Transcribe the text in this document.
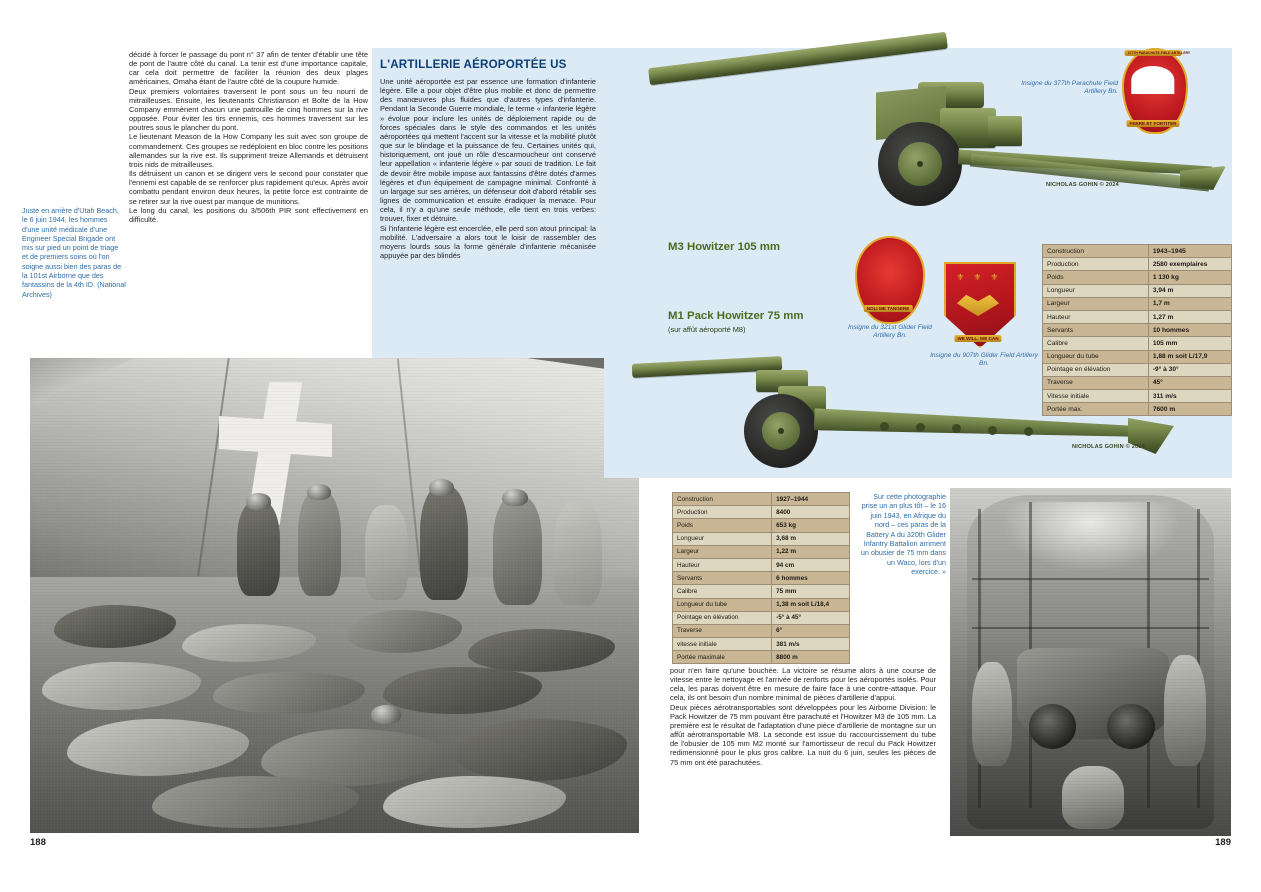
Juste en arrière d'Utah Beach, le 6 juin 1944, les hommes d'une unité médicale d'une Engineer Special Brigade ont mis sur pied un point de triage et de premiers soins où l'on soigne aussi bien des paras de la 101st Airborne que des fantassins de la 4th ID. (National Archives)

décidé à forcer le passage du pont n° 37 afin de tenter d'établir une tête de pont de l'autre côté du canal. La tenir est d'une importance capitale, car cela doit permettre de faciliter la réunion des deux plages américaines, Omaha étant de l'autre côté de la coupure humide.

Deux premiers volontaires traversent le pont sous un feu nourri de mitrailleuses. Ensuite, les lieutenants Christianson et Bolte de la How Company emmènent chacun une patrouille de cinq hommes sur la rive opposée. Pour éviter les tirs ennemis, ces hommes traversent sur les poutres sous le plancher du pont.

Le lieutenant Meason de la How Company les suit avec son groupe de commandement. Ces groupes se redéploient en bloc contre les positions allemandes sur la rive est. Ils suppriment treize Allemands et détruisent trois nids de mitrailleuses.

Ils détruisent un canon et se dirigent vers le second pour constater que l'ennemi est capable de se renforcer plus rapidement qu'eux. Après avoir combattu pendant environ deux heures, la petite force est contrainte de se retirer sur la rive ouest par manque de munitions.

Le long du canal, les positions du 3/506th PIR sont effectivement en difficulté.

188
L'ARTILLERIE AÉROPORTÉE US

Une unité aéroportée est par essence une formation d'infanterie légère. Elle a pour objet d'être plus mobile et donc de permettre des manœuvres plus fluides que d'autres types d'infanterie. Pendant la Seconde Guerre mondiale, le terme « infanterie légère » évolue pour inclure les unités de déploiement rapide ou de forces spéciales dans le style des commandos et les unités aéroportées qui mettent l'accent sur la vitesse et la mobilité plutôt que sur le blindage et la puissance de feu. Certaines unités qui, historiquement, ont joué un rôle d'escarmoucheur ont conservé leur appellation « infanterie légère » par souci de tradition. Le fait de devoir être mobile impose aux fantassins d'être dotés d'armes légères et d'un équipement de campagne minimal. Confronté à un largage sur ses arrières, un défenseur doit d'abord rétablir ses lignes de communication et ensuite éradiquer la menace. Pour cela, il n'y a qu'une seule méthode, elle tient en trois verbes: trouver, fixer et détruire.

Si l'infanterie légère est encerclée, elle perd son atout principal: la mobilité. L'adversaire a alors tout le loisir de rassembler des moyens lourds sous la forme générale d'infanterie mécanisée appuyée par des blindés

NICHOLAS GOHIN © 2024
M3 Howitzer 105 mm
NICHOLAS GOHIN © 2024
M1 Pack Howitzer 75 mm
(sur affût aéroporté M8)
377TH PARACHUTE FIELD ARTILLERY
FERRE ET FORTITER
Insigne du 377th Parachute Field Artillery Bn.
NOLI ME TANGERE
Insigne du 321st Glider Field Artillery Bn.
⚜ ⚜ ⚜
WE WILL, WE CAN
Insigne du 907th Glider Field Artillery Bn.
Construction	1943–1945
Production	2580 exemplaires
Poids	1 130 kg
Longueur	3,94 m
Largeur	1,7 m
Hauteur	1,27 m
Servants	10 hommes
Calibre	105 mm
Longueur du tube	1,88 m soit L/17,9
Pointage en élévation	-9° à 30°
Traverse	45°
Vitesse initiale	311 m/s
Portée max.	7600 m
Construction	1927–1944
Production	8400
Poids	653 kg
Longueur	3,68 m
Largeur	1,22 m
Hauteur	94 cm
Servants	6 hommes
Calibre	75 mm
Longueur du tube	1,38 m soit L/18,4
Pointage en élévation	-5° à 45°
Traverse	6°
vitesse initiale	381 m/s
Portée maximale	8800 m
Sur cette photographie prise un an plus tôt – le 16 juin 1943, en Afrique du nord – ces paras de la Battery A du 320th Glider Infantry Battalion arriment un obusier de 75 mm dans un Waco, lors d'un exercice. »

pour n'en faire qu'une bouchée. La victoire se résume alors à une course de vitesse entre le nettoyage et l'arrivée de renforts pour les aéroportés isolés. Pour cela, les paras doivent être en mesure de faire face à une contre-attaque. Pour cela, ils ont besoin d'un nombre minimal de pièces d'artillerie d'appui.

Deux pièces aérotransportables sont développées pour les Airborne Division: le Pack Howitzer de 75 mm pouvant être parachuté et l'Howitzer M3 de 105 mm. La première est le résultat de l'adaptation d'une pièce d'artillerie de montagne sur un affût aérotransportable M8. La seconde est issue du raccourcissement du tube de l'obusier de 105 mm M2 monté sur l'amortisseur de recul du Pack Howitzer redimensionné pour le plus gros calibre. La nuit du 6 juin, seules les pièces de 75 mm ont été parachutées.

189
